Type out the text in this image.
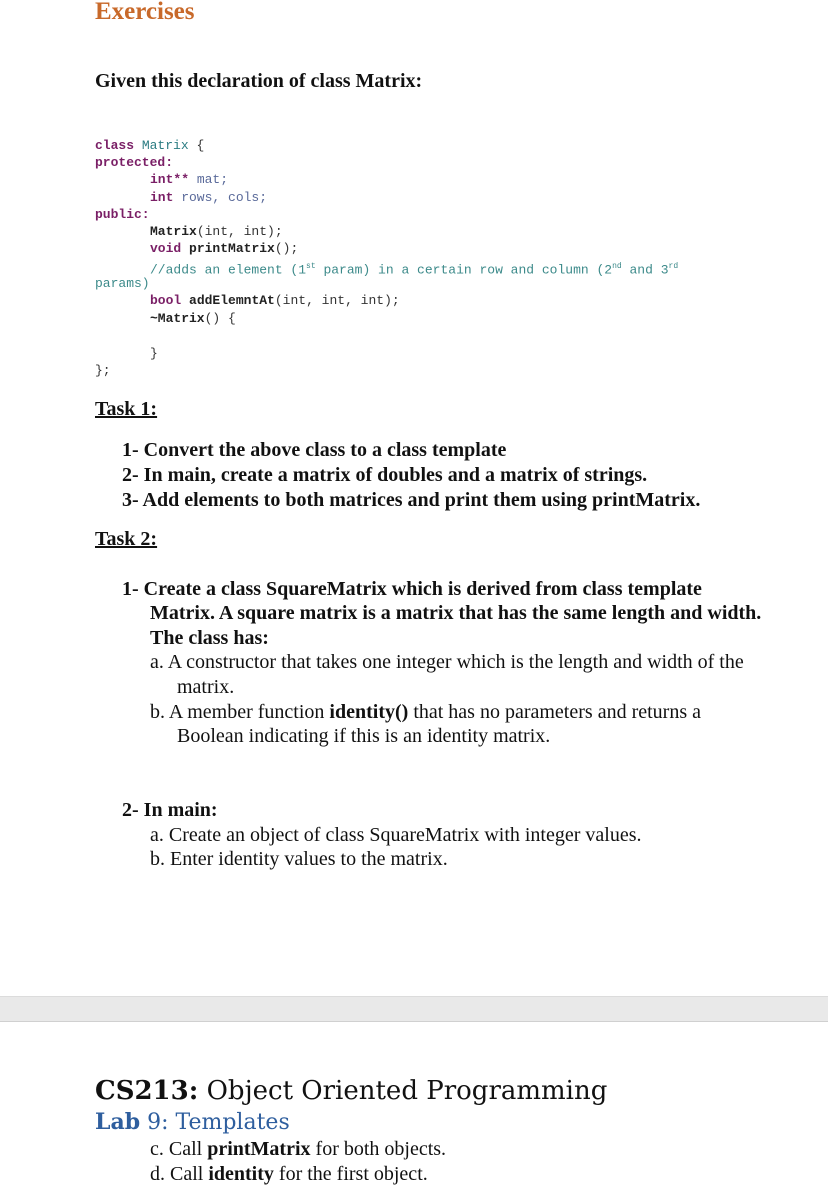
Exercises
Given this declaration of class Matrix:
class Matrix {
protected:
int** mat;
int rows, cols;
public:
Matrix(int, int);
void printMatrix();
//adds an element (1st param) in a certain row and column (2nd and 3rd
params)
bool addElemntAt(int, int, int);
~Matrix() {
}
};
Task 1:
1- Convert the above class to a class template
2- In main, create a matrix of doubles and a matrix of strings.
3- Add elements to both matrices and print them using printMatrix.
Task 2:
1- Create a class SquareMatrix which is derived from class template
Matrix. A square matrix is a matrix that has the same length and width.
The class has:
a. A constructor that takes one integer which is the length and width of the
matrix.
b. A member function identity() that has no parameters and returns a
Boolean indicating if this is an identity matrix.
2- In main:
a. Create an object of class SquareMatrix with integer values.
b. Enter identity values to the matrix.
CS213: Object Oriented Programming
Lab 9: Templates
c. Call printMatrix for both objects.
d. Call identity for the first object.
